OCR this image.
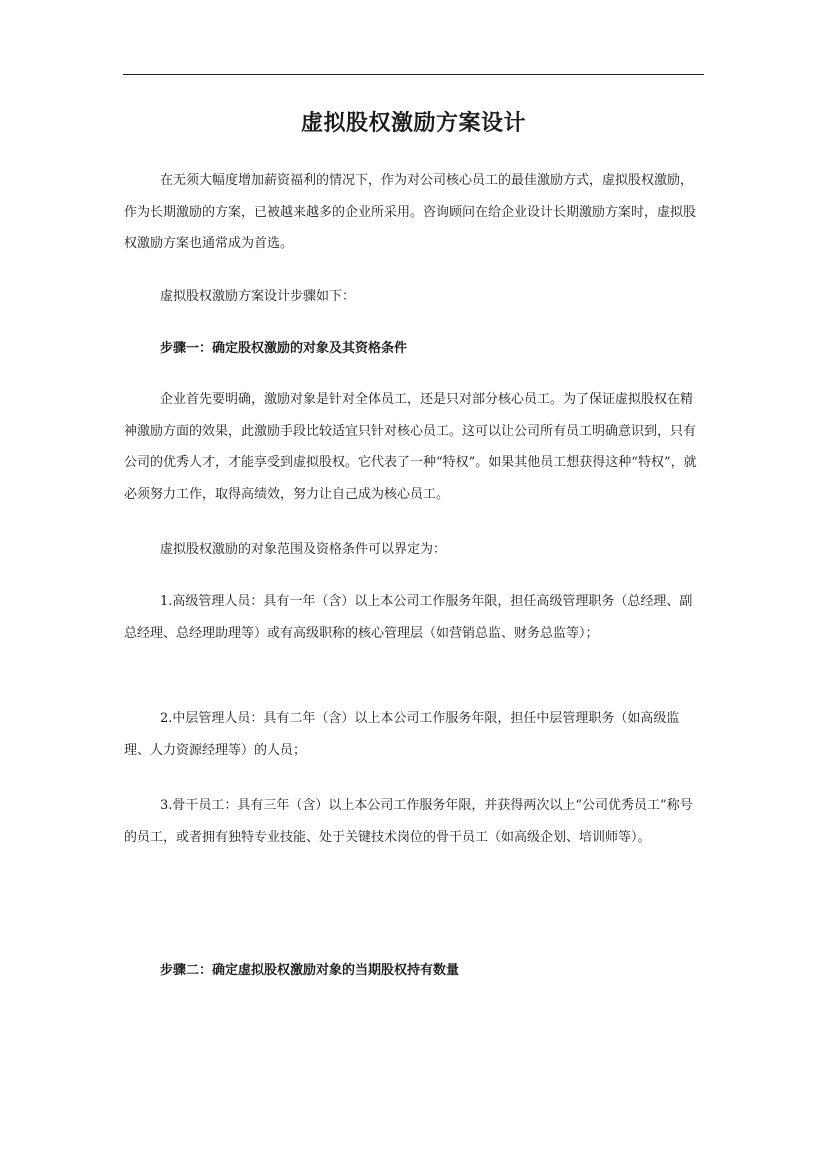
虚拟股权激励方案设计

在无须大幅度增加薪资福利的情况下，作为对公司核心员工的最佳激励方式，虚拟股权激励，作为长期激励的方案，已被越来越多的企业所采用。咨询顾问在给企业设计长期激励方案时，虚拟股权激励方案也通常成为首选。

虚拟股权激励方案设计步骤如下：

步骤一：确定股权激励的对象及其资格条件

企业首先要明确，激励对象是针对全体员工，还是只对部分核心员工。为了保证虚拟股权在精神激励方面的效果，此激励手段比较适宜只针对核心员工。这可以让公司所有员工明确意识到，只有公司的优秀人才，才能享受到虚拟股权。它代表了一种“特权”。如果其他员工想获得这种“特权”，就必须努力工作，取得高绩效，努力让自己成为核心员工。

虚拟股权激励的对象范围及资格条件可以界定为：

1.高级管理人员：具有一年（含）以上本公司工作服务年限，担任高级管理职务（总经理、副总经理、总经理助理等）或有高级职称的核心管理层（如营销总监、财务总监等）；

2.中层管理人员：具有二年（含）以上本公司工作服务年限，担任中层管理职务（如高级监理、人力资源经理等）的人员；

3.骨干员工：具有三年（含）以上本公司工作服务年限，并获得两次以上“公司优秀员工”称号的员工，或者拥有独特专业技能、处于关键技术岗位的骨干员工（如高级企划、培训师等）。

步骤二：确定虚拟股权激励对象的当期股权持有数量
